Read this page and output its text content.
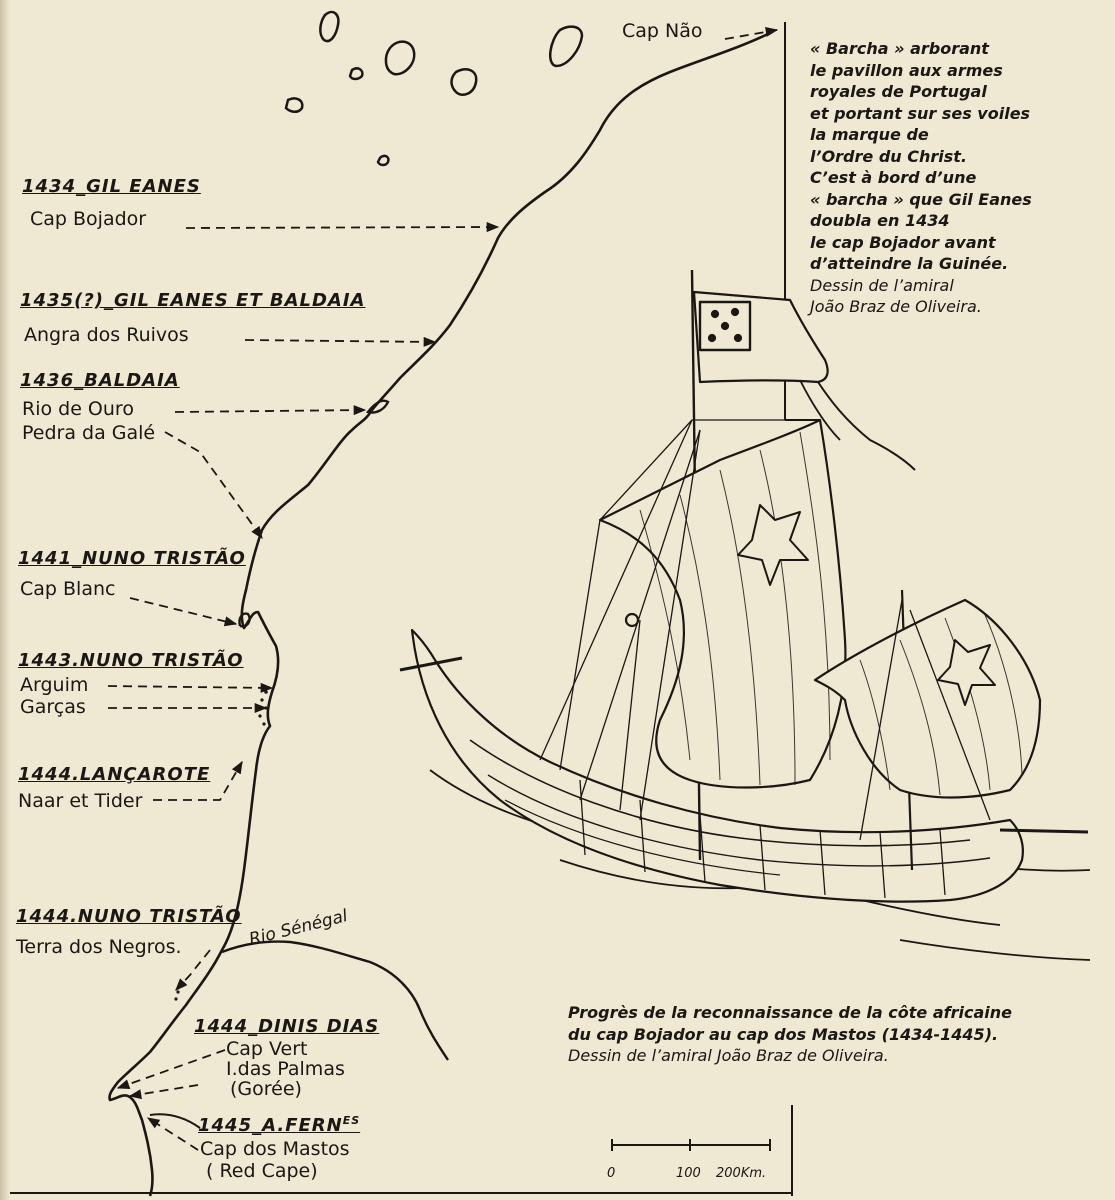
Cap Não
Rio Sénégal
1434_GIL EANES
Cap Bojador
1435(?)_GIL EANES ET BALDAIA
Angra dos Ruivos
1436_BALDAIA
Rio de Ouro
Pedra da Galé
1441_NUNO TRISTÃO
Cap Blanc
1443.NUNO TRISTÃO
Arguim
Garças
1444.LANÇAROTE
Naar et Tider
1444.NUNO TRISTÃO
Terra dos Negros.
1444_DINIS DIAS
Cap Vert
I.das Palmas
(Gorée)
$1445\_A.FERN^{ES}$
Cap dos Mastos
( Red Cape)
« Barcha » arborant
le pavillon aux armes
royales de Portugal
et portant sur ses voiles
la marque de
l’Ordre du Christ.
C’est à bord d’une
« barcha » que Gil Eanes
doubla en 1434
le cap Bojador avant
d’atteindre la Guinée.
Dessin de l’amiral
João Braz de Oliveira.
Progrès de la reconnaissance de la côte africaine
du cap Bojador au cap dos Mastos (1434-1445).
Dessin de l’amiral João Braz de Oliveira.
0	100 200Km.
